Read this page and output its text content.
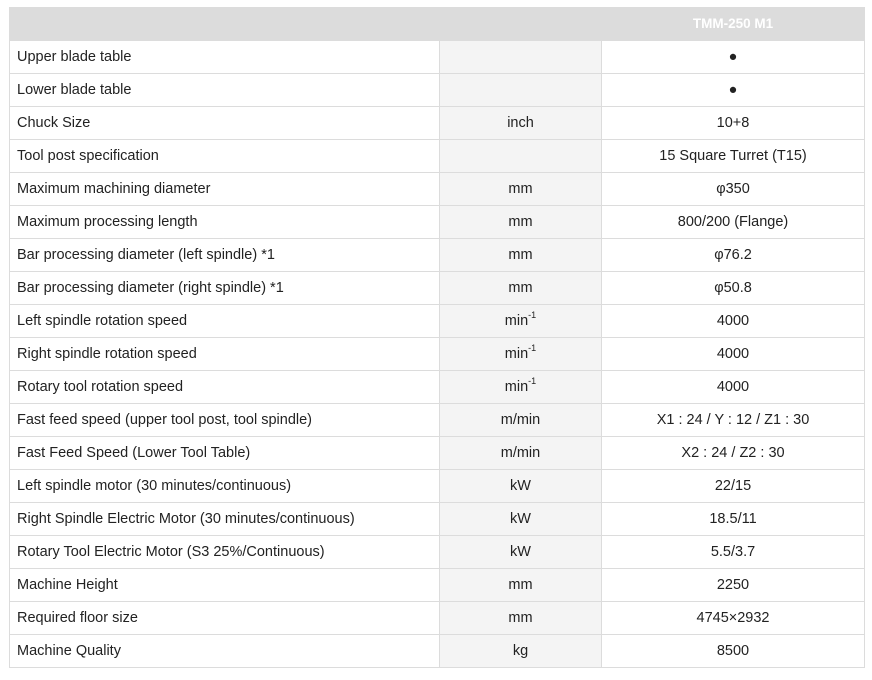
		TMM-250 M1
Upper blade table		●
Lower blade table		●
Chuck Size	inch	10+8
Tool post specification		15 Square Turret (T15)
Maximum machining diameter	mm	φ350
Maximum processing length	mm	800/200 (Flange)
Bar processing diameter (left spindle) *1	mm	φ76.2
Bar processing diameter (right spindle) *1	mm	φ50.8
Left spindle rotation speed	$\min^{-1}$	4000
Right spindle rotation speed	$\min^{-1}$	4000
Rotary tool rotation speed	$\min^{-1}$	4000
Fast feed speed (upper tool post, tool spindle)	m/min	X1 : 24 / Y : 12 / Z1 : 30
Fast Feed Speed (Lower Tool Table)	m/min	X2 : 24 / Z2 : 30
Left spindle motor (30 minutes/continuous)	kW	22/15
Right Spindle Electric Motor (30 minutes/continuous)	kW	18.5/11
Rotary Tool Electric Motor (S3 25%/Continuous)	kW	5.5/3.7
Machine Height	mm	2250
Required floor size	mm	4745×2932
Machine Quality	kg	8500
